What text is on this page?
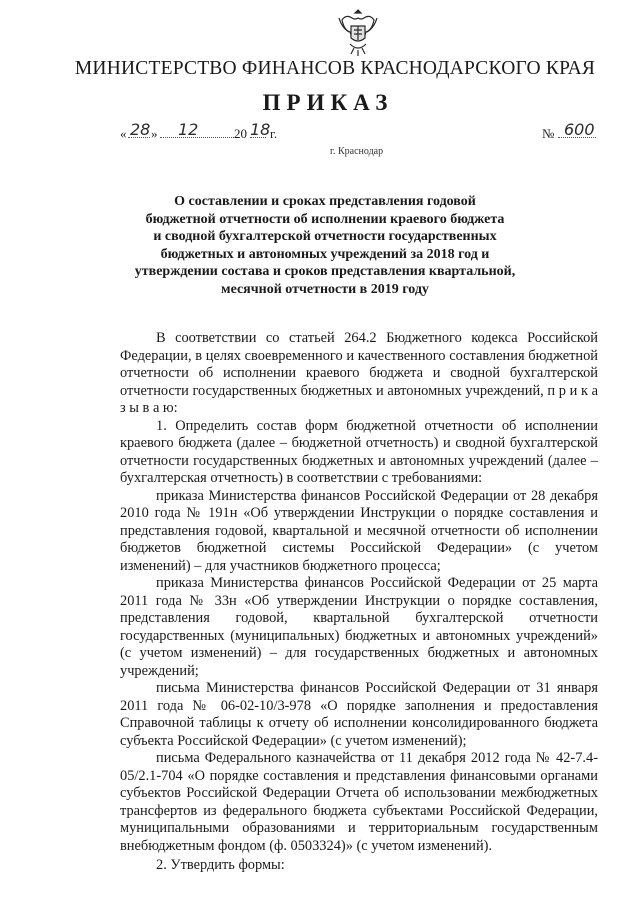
МИНИСТЕРСТВО ФИНАНСОВ КРАСНОДАРСКОГО КРАЯ
ПРИКАЗ
« 28 » 12	20 18 г.	№ 600
г. Краснодар
О составлении и сроках представления годовой
бюджетной отчетности об исполнении краевого бюджета
и сводной бухгалтерской отчетности государственных
бюджетных и автономных учреждений за 2018 год и
утверждении состава и сроков представления квартальной,
месячной отчетности в 2019 году

В соответствии со статьей 264.2 Бюджетного кодекса Российской Федерации, в целях своевременного и качественного составления бюджетной отчетности об исполнении краевого бюджета и сводной бухгалтерской отчетности государственных бюджетных и автономных учреждений, п р и к а з ы в а ю:

1. Определить состав форм бюджетной отчетности об исполнении краевого бюджета (далее – бюджетной отчетность) и сводной бухгалтерской отчетности государственных бюджетных и автономных учреждений (далее – бухгалтерская отчетность) в соответствии с требованиями:

приказа Министерства финансов Российской Федерации от 28 декабря 2010 года № 191н «Об утверждении Инструкции о порядке составления и представления годовой, квартальной и месячной отчетности об исполнении бюджетов бюджетной системы Российской Федерации» (с учетом изменений) – для участников бюджетного процесса;

приказа Министерства финансов Российской Федерации от 25 марта 2011 года № 33н «Об утверждении Инструкции о порядке составления, представления годовой, квартальной бухгалтерской отчетности государственных (муниципальных) бюджетных и автономных учреждений» (с учетом изменений) – для государственных бюджетных и автономных учреждений;

письма Министерства финансов Российской Федерации от 31 января 2011 года № 06-02-10/3-978 «О порядке заполнения и предоставления Справочной таблицы к отчету об исполнении консолидированного бюджета субъекта Российской Федерации» (с учетом изменений);

письма Федерального казначейства от 11 декабря 2012 года № 42-7.4-05/2.1-704 «О порядке составления и представления финансовыми органами субъектов Российской Федерации Отчета об использовании межбюджетных трансфертов из федерального бюджета субъектами Российской Федерации, муниципальными образованиями и территориальным государственным внебюджетным фондом (ф. 0503324)» (с учетом изменений).

2. Утвердить формы:
